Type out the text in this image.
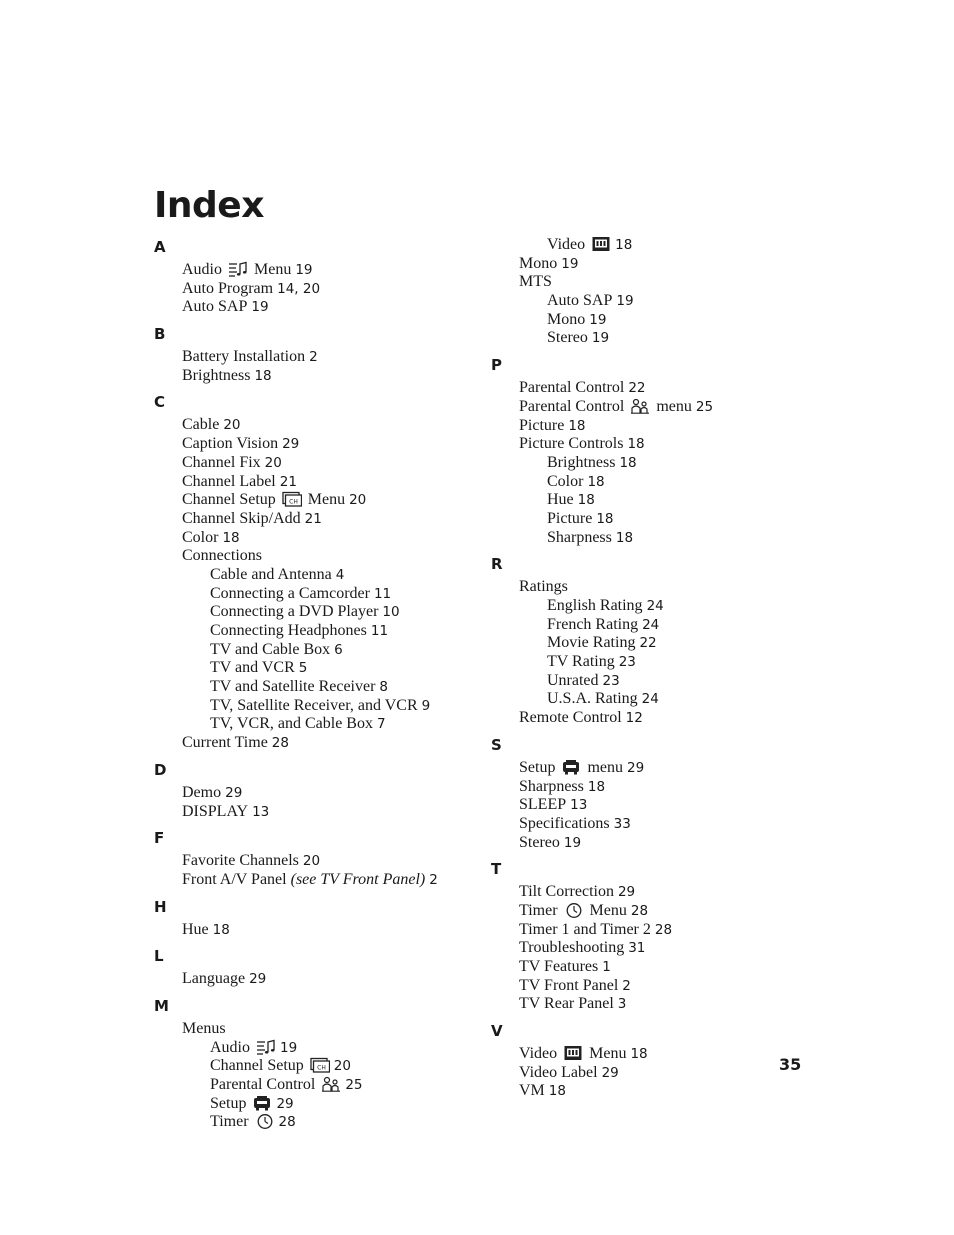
Index
A
Audio Menu 19
Auto Program 14, 20
Auto SAP 19
B
Battery Installation 2
Brightness 18
C
Cable 20
Caption Vision 29
Channel Fix 20
Channel Label 21
Channel Setup CH Menu 20
Channel Skip/Add 21
Color 18
Connections
Cable and Antenna 4
Connecting a Camcorder 11
Connecting a DVD Player 10
Connecting Headphones 11
TV and Cable Box 6
TV and VCR 5
TV and Satellite Receiver 8
TV, Satellite Receiver, and VCR 9
TV, VCR, and Cable Box 7
Current Time 28
D
Demo 29
DISPLAY 13
F
Favorite Channels 20
Front A/V Panel (see TV Front Panel) 2
H
Hue 18
L
Language 29
M
Menus
Audio 19
Channel Setup CH 20
Parental Control 25
Setup 29
Timer 28
Video 18
Mono 19
MTS
Auto SAP 19
Mono 19
Stereo 19
P
Parental Control 22
Parental Control menu 25
Picture 18
Picture Controls 18
Brightness 18
Color 18
Hue 18
Picture 18
Sharpness 18
R
Ratings
English Rating 24
French Rating 24
Movie Rating 22
TV Rating 23
Unrated 23
U.S.A. Rating 24
Remote Control 12
S
Setup menu 29
Sharpness 18
SLEEP 13
Specifications 33
Stereo 19
T
Tilt Correction 29
Timer Menu 28
Timer 1 and Timer 2 28
Troubleshooting 31
TV Features 1
TV Front Panel 2
TV Rear Panel 3
V
Video Menu 18
Video Label 29
VM 18
35
